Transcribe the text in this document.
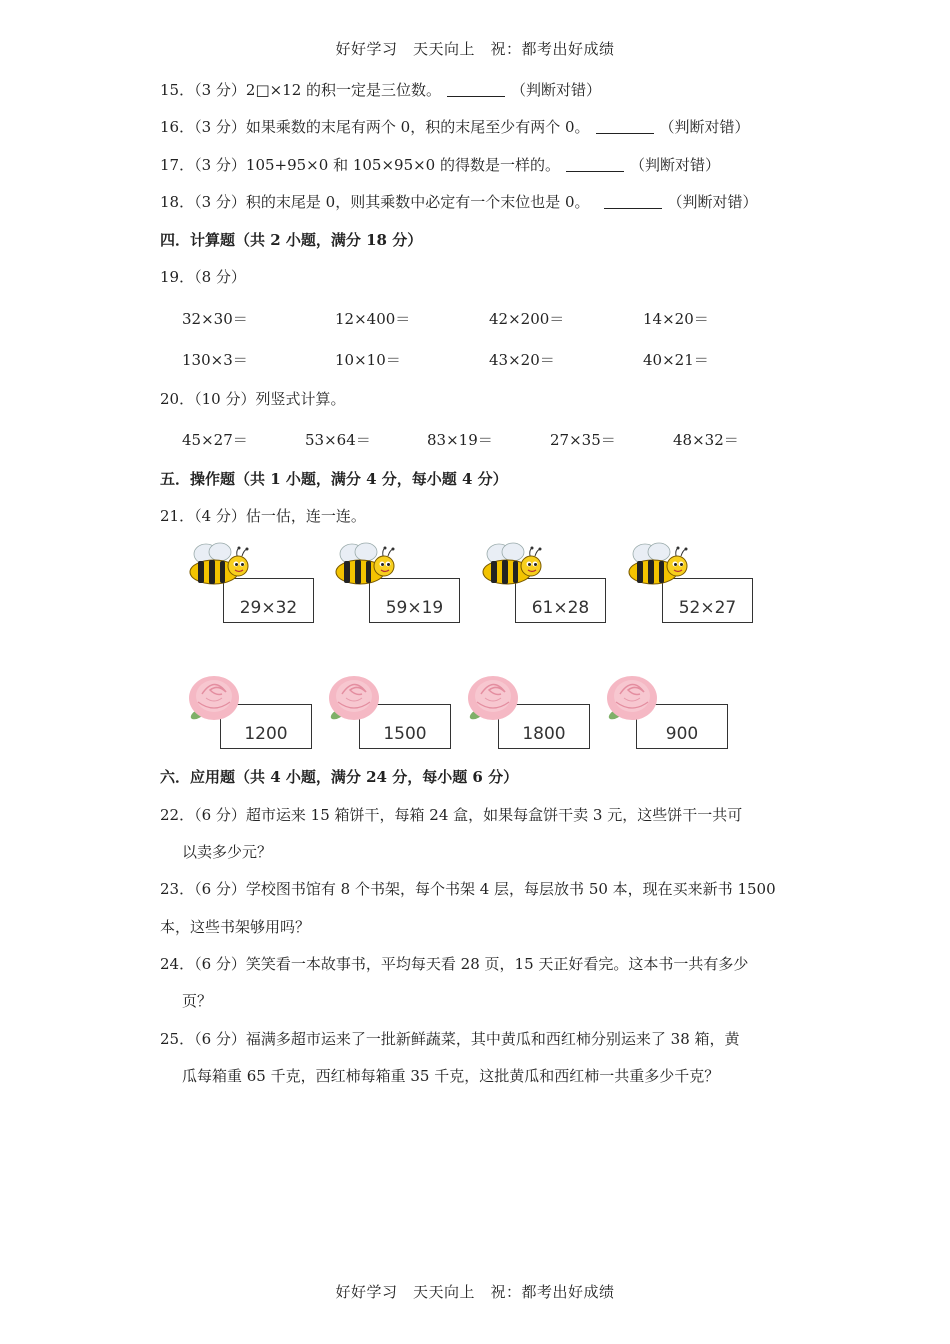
好好学习　天天向上　祝：都考出好成绩
15．（3 分）2□×12 的积一定是三位数。	（判断对错）
16．（3 分）如果乘数的末尾有两个 0，积的末尾至少有两个 0。	（判断对错）
17．（3 分）105+95×0 和 105×95×0 的得数是一样的。	（判断对错）
18．（3 分）积的末尾是 0，则其乘数中必定有一个末位也是 0。	（判断对错）
四．计算题（共 2 小题，满分 18 分）
19．（8 分）
32×30＝	12×400＝	42×200＝	14×20＝
130×3＝	10×10＝	43×20＝	40×21＝
20．（10 分）列竖式计算。
45×27＝	53×64＝	83×19＝	27×35＝	48×32＝
五．操作题（共 1 小题，满分 4 分，每小题 4 分）
21．（4 分）估一估，连一连。
29×32	59×19	61×28	52×27
1200	1500	1800	900
六．应用题（共 4 小题，满分 24 分，每小题 6 分）
22．（6 分）超市运来 15 箱饼干，每箱 24 盒，如果每盒饼干卖 3 元，这些饼干一共可
以卖多少元？
23．（6 分）学校图书馆有 8 个书架，每个书架 4 层，每层放书 50 本，现在买来新书 1500
本，这些书架够用吗？
24．（6 分）笑笑看一本故事书，平均每天看 28 页，15 天正好看完。这本书一共有多少
页？
25．（6 分）福满多超市运来了一批新鲜蔬菜，其中黄瓜和西红柿分别运来了 38 箱，黄
瓜每箱重 65 千克，西红柿每箱重 35 千克，这批黄瓜和西红柿一共重多少千克？
好好学习　天天向上　祝：都考出好成绩
